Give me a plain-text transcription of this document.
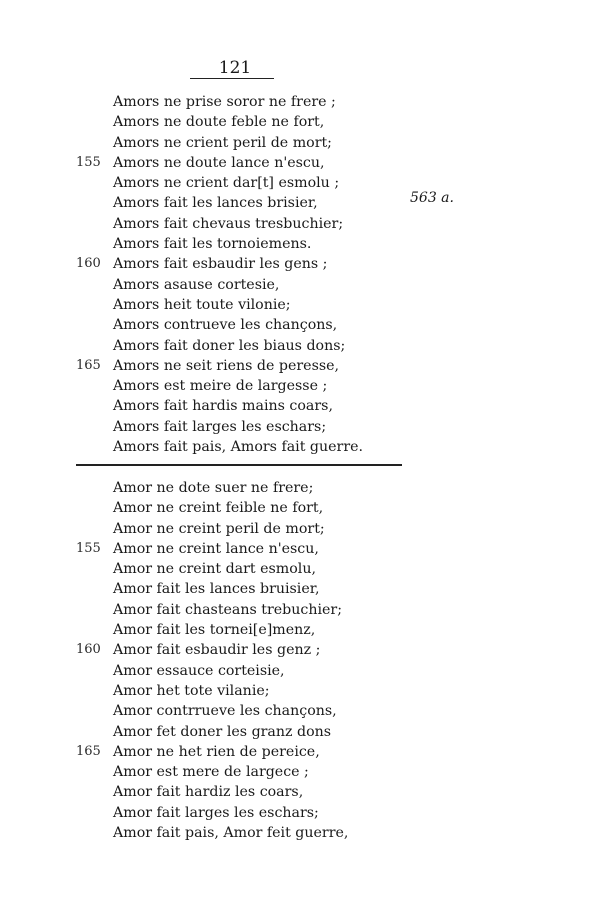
121
Amors ne prise soror ne frere ;
Amors ne doute feble ne fort,
Amors ne crient peril de mort;
155 Amors ne doute lance n'escu,
Amors ne crient dar[t] esmolu ;
Amors fait les lances brisier,
Amors fait chevaus tresbuchier;
Amors fait les tornoiemens.
160 Amors fait esbaudir les gens ;
Amors asause cortesie,
Amors heit toute vilonie;
Amors contrueve les chançons,
Amors fait doner les biaus dons;
165 Amors ne seit riens de peresse,
Amors est meire de largesse ;
Amors fait hardis mains coars,
Amors fait larges les eschars;
Amors fait pais, Amors fait guerre.
563 a.
Amor ne dote suer ne frere;
Amor ne creint feible ne fort,
Amor ne creint peril de mort;
155 Amor ne creint lance n'escu,
Amor ne creint dart esmolu,
Amor fait les lances bruisier,
Amor fait chasteans trebuchier;
Amor fait les tornei[e]menz,
160 Amor fait esbaudir les genz ;
Amor essauce corteisie,
Amor het tote vilanie;
Amor contrrueve les chançons,
Amor fet doner les granz dons
165 Amor ne het rien de pereice,
Amor est mere de largece ;
Amor fait hardiz les coars,
Amor fait larges les eschars;
Amor fait pais, Amor feit guerre,
